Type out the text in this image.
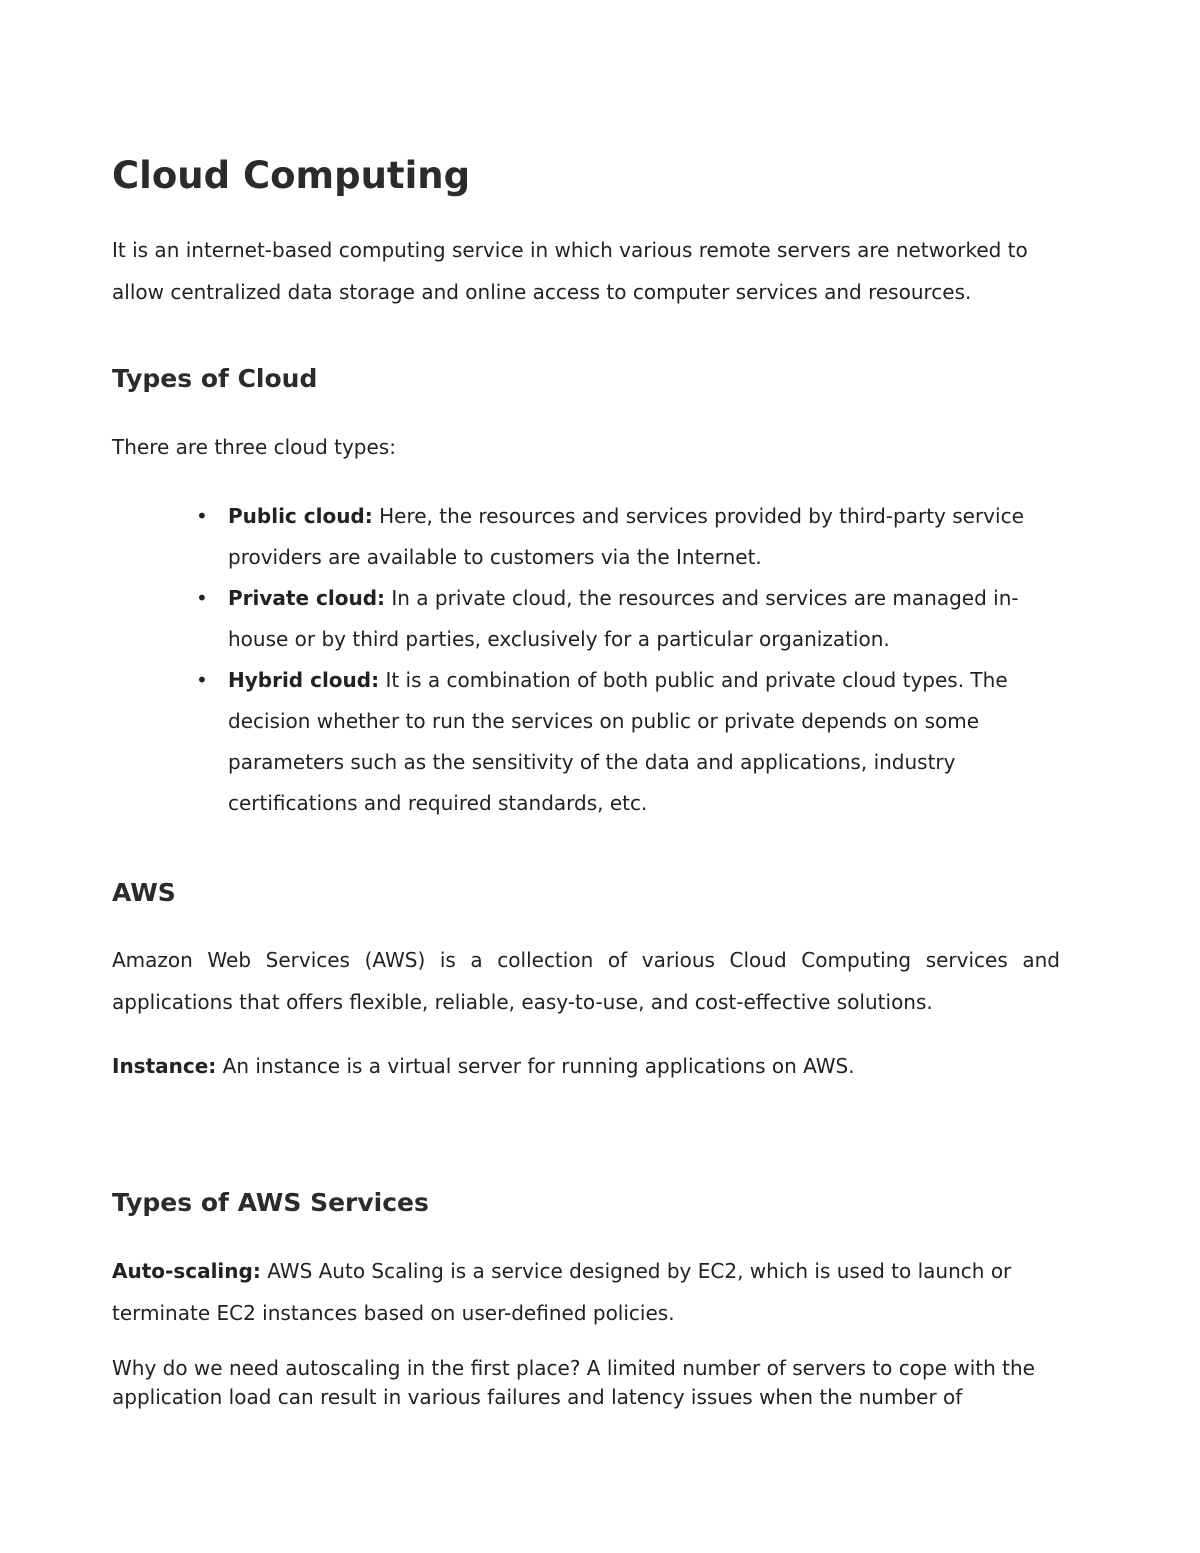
Cloud Computing

It is an internet-based computing service in which various remote servers are networked to allow centralized data storage and online access to computer services and resources.

Types of Cloud

There are three cloud types:

• Public cloud: Here, the resources and services provided by third-party service providers are available to customers via the Internet.
• Private cloud: In a private cloud, the resources and services are managed in-house or by third parties, exclusively for a particular organization.
• Hybrid cloud: It is a combination of both public and private cloud types. The decision whether to run the services on public or private depends on some parameters such as the sensitivity of the data and applications, industry certifications and required standards, etc.
AWS

Amazon Web Services (AWS) is a collection of various Cloud Computing services and applications that offers flexible, reliable, easy-to-use, and cost-effective solutions.

Instance: An instance is a virtual server for running applications on AWS.

Types of AWS Services

Auto-scaling: AWS Auto Scaling is a service designed by EC2, which is used to launch or terminate EC2 instances based on user-defined policies.

Why do we need autoscaling in the first place? A limited number of servers to cope with the application load can result in various failures and latency issues when the number of
